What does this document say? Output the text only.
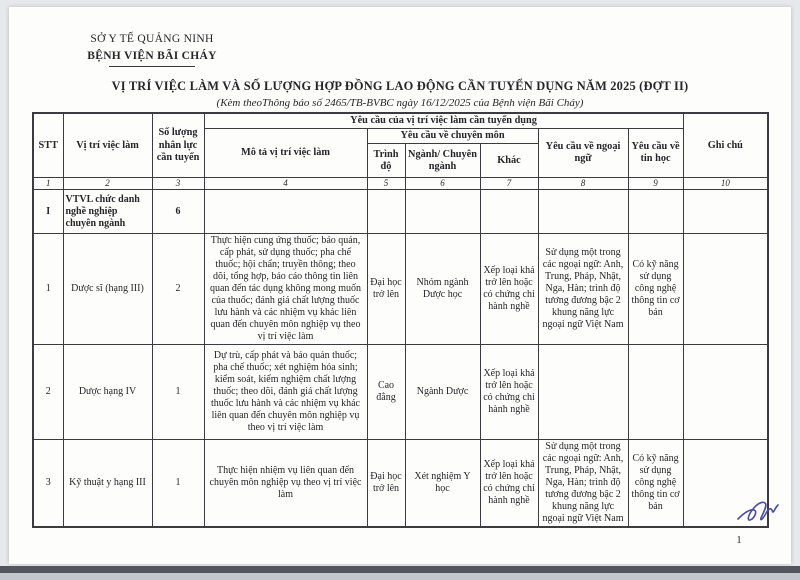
SỞ Y TẾ QUẢNG NINH
BỆNH VIỆN BÃI CHÁY
VỊ TRÍ VIỆC LÀM VÀ SỐ LƯỢNG HỢP ĐỒNG LAO ĐỘNG CẦN TUYỂN DỤNG NĂM 2025 (ĐỢT II)
(Kèm theoThông báo số 2465/TB-BVBC ngày 16/12/2025 của Bệnh viện Bãi Cháy)
STT	Vị trí việc làm	Số lượng nhân lực cần tuyển	Yêu cầu của vị trí việc làm cần tuyển dụng						Ghi chú
			Mô tả vị trí việc làm	Yêu cầu về chuyên môn			Yêu cầu về ngoại ngữ	Yêu cầu về tin học	
				Trình độ	Ngành/ Chuyên ngành	Khác			
1	2	3	4	5	6	7	8	9	10
I	VTVL chức danh nghề nghiệp chuyên ngành	6							
1	Dược sĩ (hạng III)	2	Thực hiện cung ứng thuốc; bảo quản, cấp phát, sử dụng thuốc; pha chế thuốc; hội chẩn; truyền thông; theo dõi, tổng hợp, báo cáo thông tin liên quan đến tác dụng không mong muốn của thuốc; đánh giá chất lượng thuốc lưu hành và các nhiệm vụ khác liên quan đến chuyên môn nghiệp vụ theo vị trí việc làm	Đại học trở lên	Nhóm ngành Dược học	Xếp loại khá trở lên hoặc có chứng chỉ hành nghề	Sử dụng một trong các ngoại ngữ: Anh, Trung, Pháp, Nhật, Nga, Hàn; trình độ tương đương bậc 2 khung năng lực ngoại ngữ Việt Nam	Có kỹ năng sử dụng công nghệ thông tin cơ bản	
2	Dược hạng IV	1	Dự trù, cấp phát và bảo quản thuốc; pha chế thuốc; xét nghiệm hóa sinh; kiểm soát, kiểm nghiệm chất lượng thuốc; theo dõi, đánh giá chất lượng thuốc lưu hành và các nhiệm vụ khác liên quan đến chuyên môn nghiệp vụ theo vị trí việc làm	Cao đẳng	Ngành Dược	Xếp loại khá trở lên hoặc có chứng chỉ hành nghề			
3	Kỹ thuật y hạng III	1	Thực hiện nhiệm vụ liên quan đến chuyên môn nghiệp vụ theo vị trí việc làm	Đại học trở lên	Xét nghiệm Y học	Xếp loại khá trở lên hoặc có chứng chỉ hành nghề	Sử dụng một trong các ngoại ngữ: Anh, Trung, Pháp, Nhật, Nga, Hàn; trình độ tương đương bậc 2 khung năng lực ngoại ngữ Việt Nam	Có kỹ năng sử dụng công nghệ thông tin cơ bản	
1
